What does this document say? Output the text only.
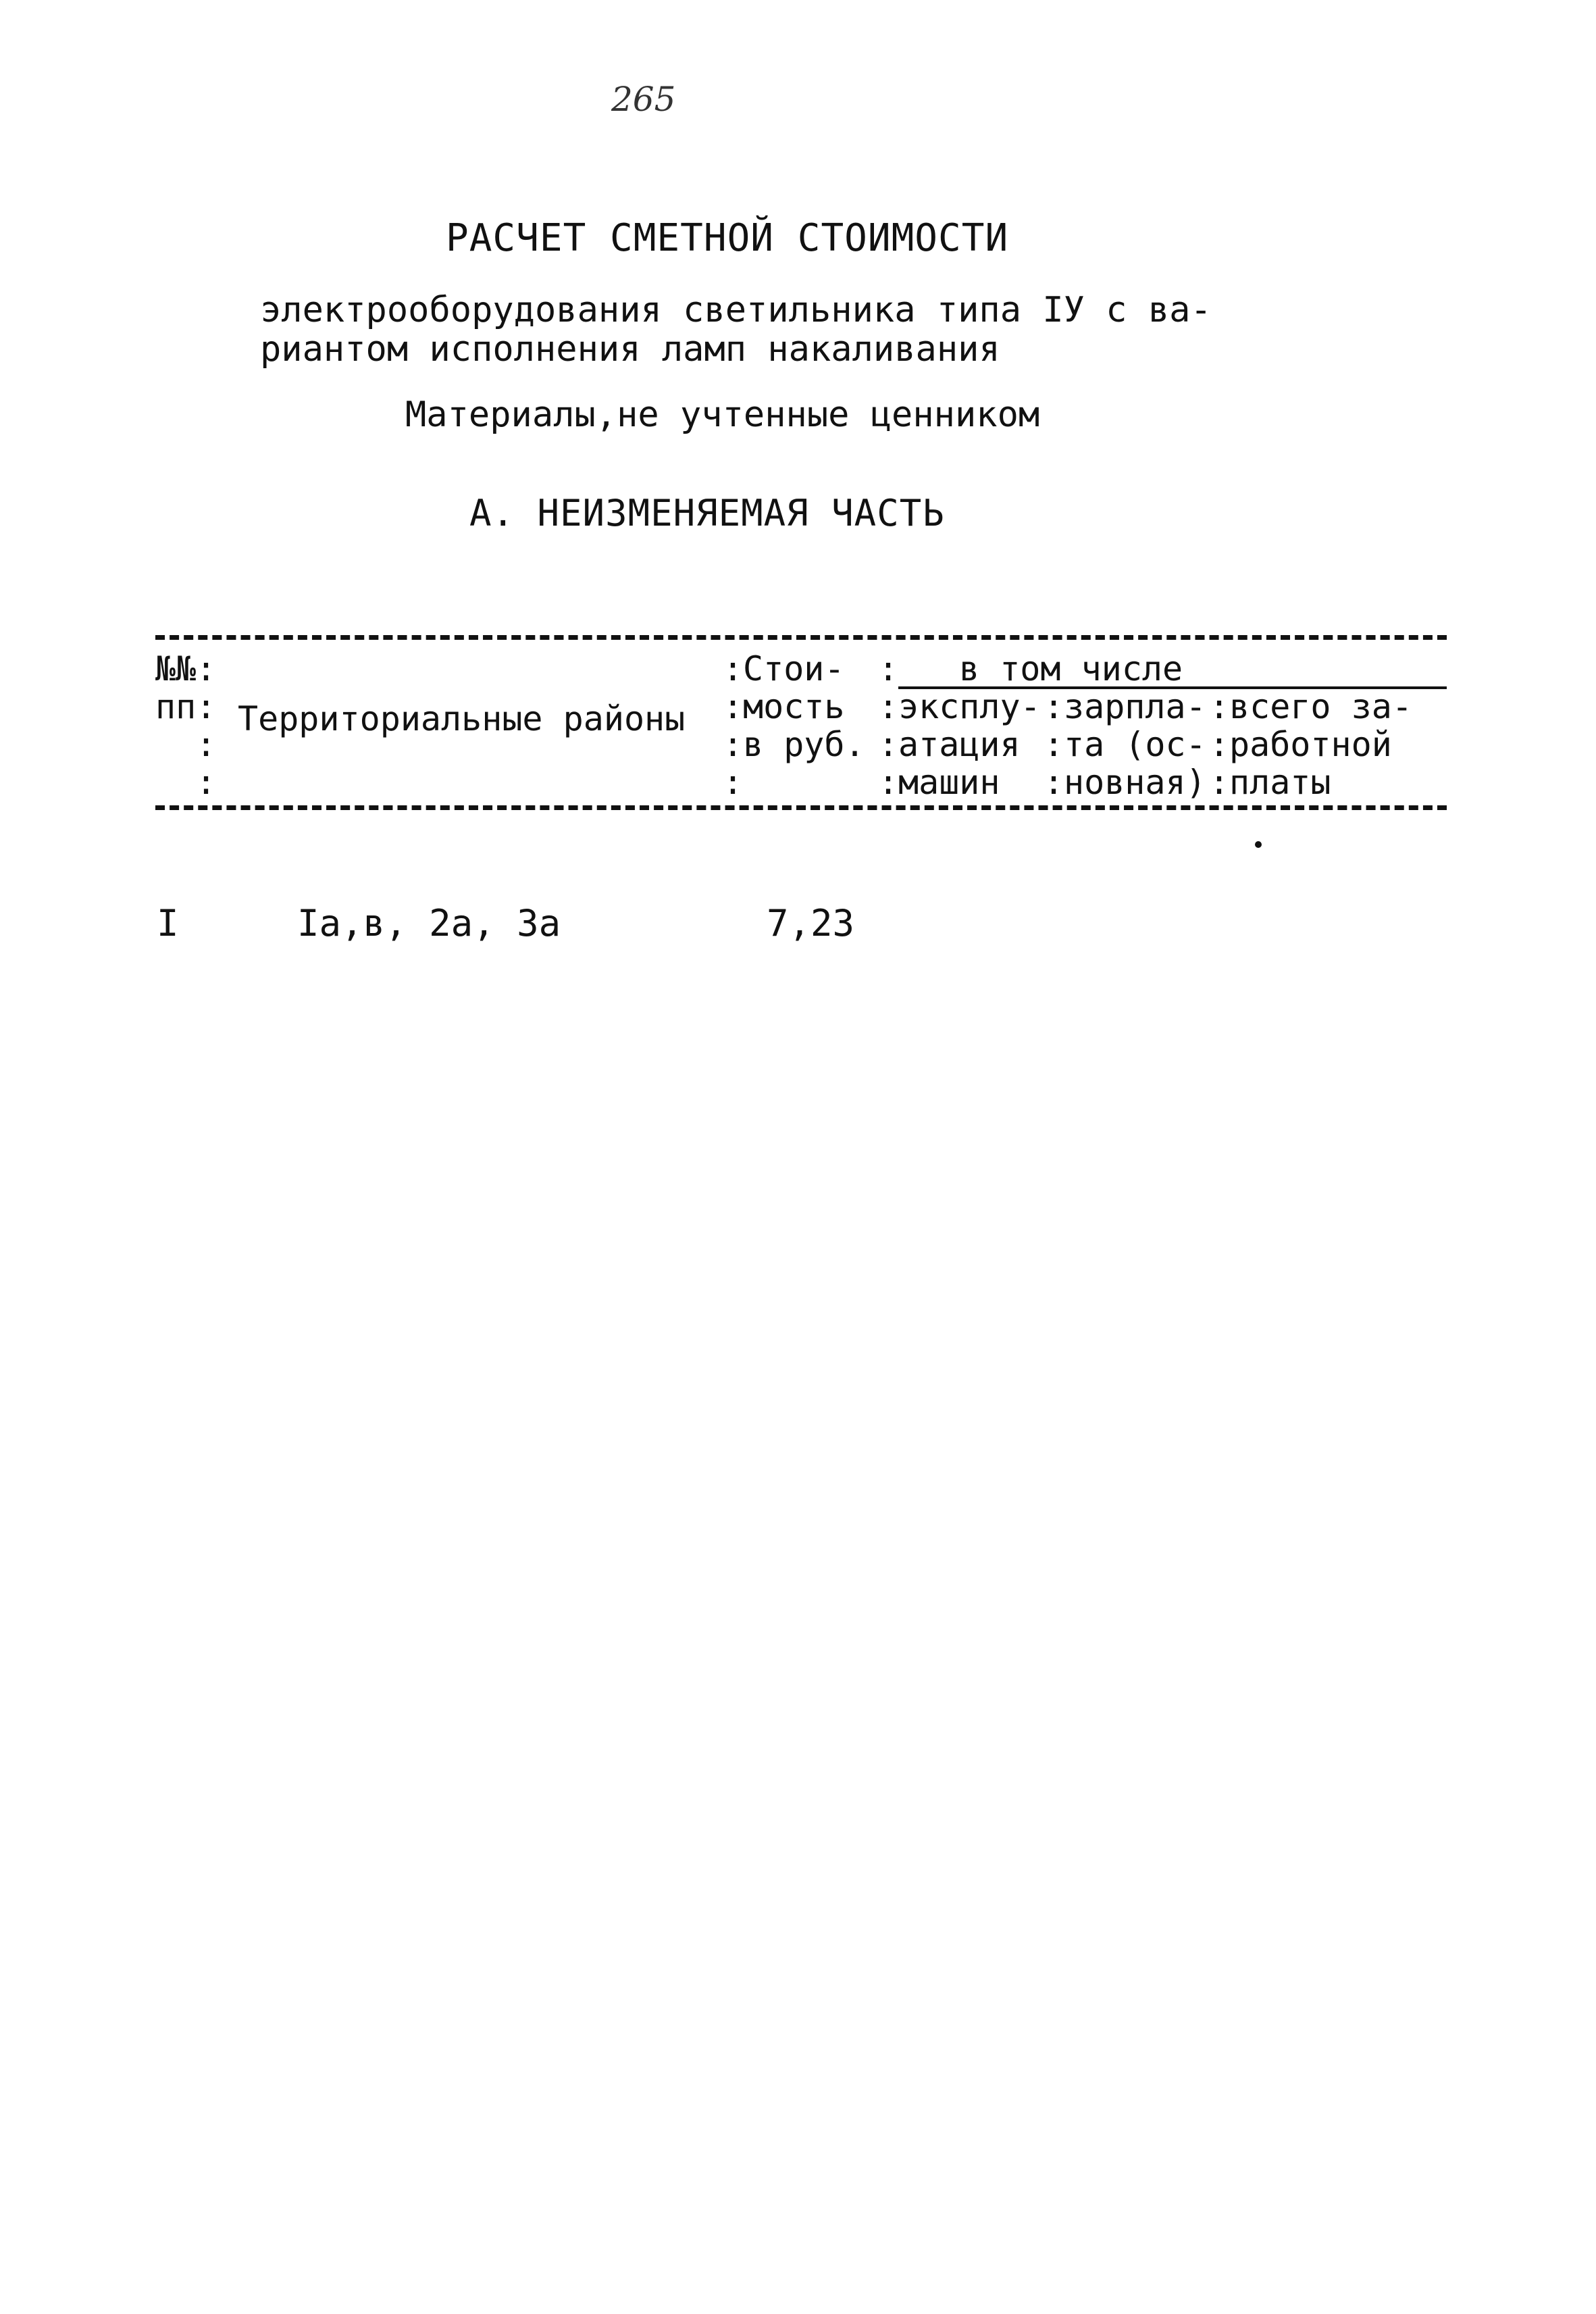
265
РАСЧЕТ СМЕТНОЙ СТОИМОСТИ
электрооборудования светильника типа IУ с ва-
риантом исполнения ламп накаливания
Материалы,не учтенные ценником
А. НЕИЗМЕНЯЕМАЯ ЧАСТЬ
№№
пп
:
:
:
:
Территориальные районы
:
:
:
:
Стои-
мость
в руб.
:
:
:
:
в том числе
эксплу-
атация
машин
:
:
:
зарпла-
та (ос-
новная)
:
:
:
всего за-
работной
платы
I	Iа,в, 2а, 3а	7,23
